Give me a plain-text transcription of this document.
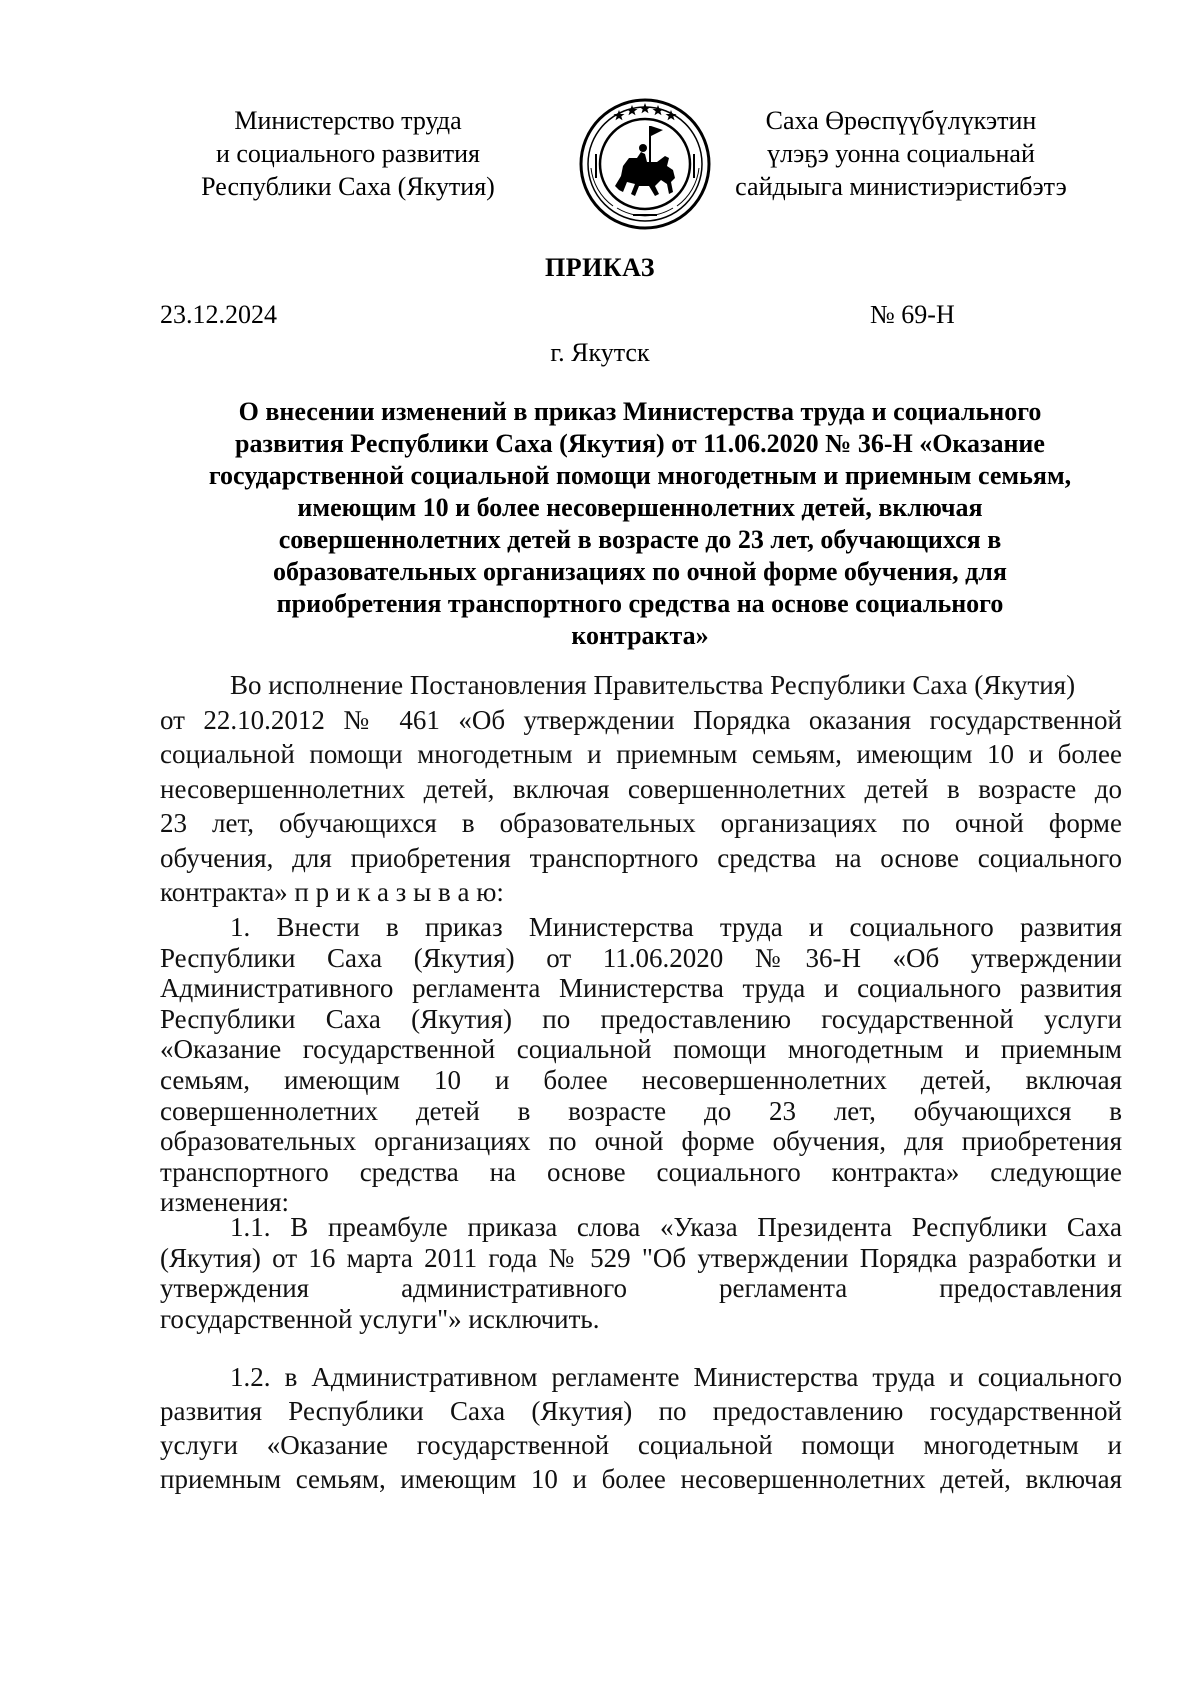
Министерство труда
и социального развития
Республики Саха (Якутия)
Саха Өрөспүүбүлүкэтин
үлэҕэ уонна социальнай
сайдыыга министиэристибэтэ
ПРИКАЗ
23.12.2024	№ 69-Н
г. Якутск
О внесении изменений в приказ Министерства труда и социального
развития Республики Саха (Якутия) от 11.06.2020 № 36-Н «Оказание
государственной социальной помощи многодетным и приемным семьям,
имеющим 10 и более несовершеннолетних детей, включая
совершеннолетних детей в возрасте до 23 лет, обучающихся в
образовательных организациях по очной форме обучения, для
приобретения транспортного средства на основе социального
контракта»
Во исполнение Постановления Правительства Республики Саха (Якутия)
от 22.10.2012 № 461 «Об утверждении Порядка оказания государственной
социальной помощи многодетным и приемным семьям, имеющим 10 и более
несовершеннолетних детей, включая совершеннолетних детей в возрасте до
23 лет, обучающихся в образовательных организациях по очной форме
обучения, для приобретения транспортного средства на основе социального
контракта» п р и к а з ы в а ю:
1. Внести в приказ Министерства труда и социального развития
Республики Саха (Якутия) от 11.06.2020 №36-Н «Об утверждении
Административного регламента Министерства труда и социального развития
Республики Саха (Якутия) по предоставлению государственной услуги
«Оказание государственной социальной помощи многодетным и приемным
семьям, имеющим 10 и более несовершеннолетних детей, включая
совершеннолетних детей в возрасте до 23 лет, обучающихся в
образовательных организациях по очной форме обучения, для приобретения
транспортного средства на основе социального контракта» следующие
изменения:
1.1. В преамбуле приказа слова «Указа Президента Республики Саха
(Якутия) от 16 марта 2011 года № 529 "Об утверждении Порядка разработки и
утверждения административного регламента предоставления
государственной услуги"» исключить.
1.2. в Административном регламенте Министерства труда и социального
развития Республики Саха (Якутия) по предоставлению государственной
услуги «Оказание государственной социальной помощи многодетным и
приемным семьям, имеющим 10 и более несовершеннолетних детей, включая
